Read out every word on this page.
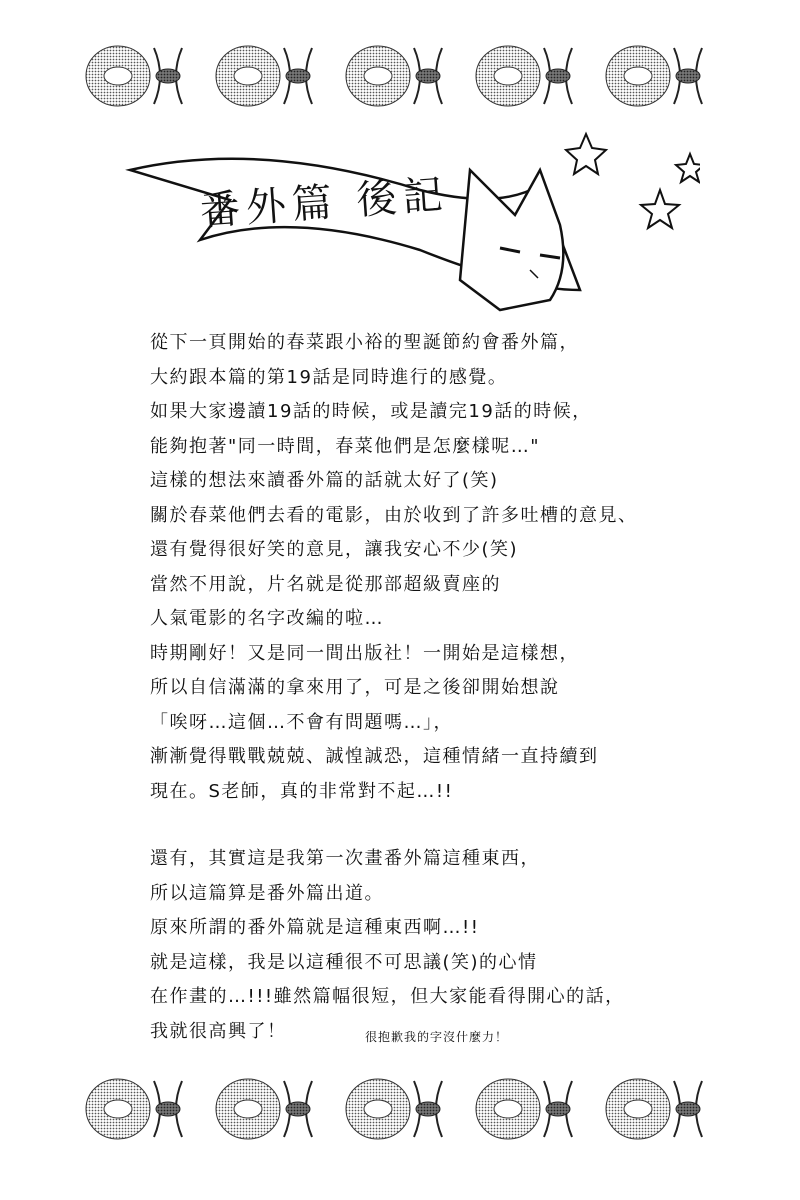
番外篇 後記
從下一頁開始的春菜跟小裕的聖誕節約會番外篇，
大約跟本篇的第19話是同時進行的感覺。
如果大家邊讀19話的時候，或是讀完19話的時候，
能夠抱著"同一時間，春菜他們是怎麼樣呢…"
這樣的想法來讀番外篇的話就太好了(笑)
關於春菜他們去看的電影，由於收到了許多吐槽的意見、
還有覺得很好笑的意見，讓我安心不少(笑)
當然不用說，片名就是從那部超級賣座的
人氣電影的名字改編的啦…
時期剛好！又是同一間出版社！一開始是這樣想，
所以自信滿滿的拿來用了，可是之後卻開始想說
「唉呀…這個…不會有問題嗎…」，
漸漸覺得戰戰兢兢、誠惶誠恐，這種情緒一直持續到
現在。S老師，真的非常對不起…!!
還有，其實這是我第一次畫番外篇這種東西，
所以這篇算是番外篇出道。
原來所謂的番外篇就是這種東西啊…!!
就是這樣，我是以這種很不可思議(笑)的心情
在作畫的…!!!雖然篇幅很短，但大家能看得開心的話，
我就很高興了！	很抱歉我的字沒什麼力！
